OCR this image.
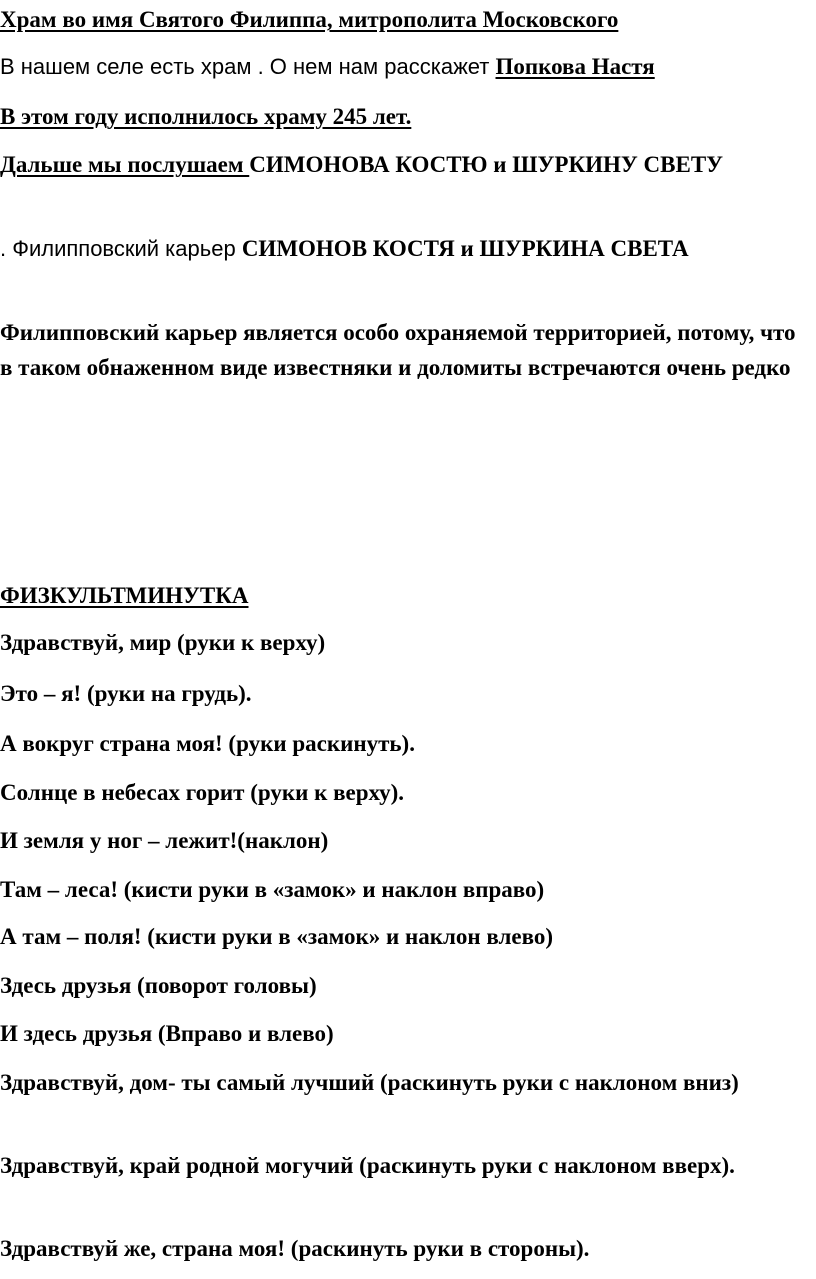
Храм во имя Святого Филиппа, митрополита Московского

В нашем селе есть храм . О нем нам расскажет Попкова Настя

В этом году исполнилось храму 245 лет.

Дальше мы послушаем СИМОНОВА КОСТЮ и ШУРКИНУ СВЕТУ

. Филипповский карьер СИМОНОВ КОСТЯ и ШУРКИНА СВЕТА

Филипповский карьер является особо охраняемой территорией, потому, что в таком обнаженном виде известняки и доломиты встречаются очень редко

ФИЗКУЛЬТМИНУТКА

Здравствуй, мир (руки к верху)

Это – я! (руки на грудь).

А вокруг страна моя! (руки раскинуть).

Солнце в небесах горит (руки к верху).

И земля у ног – лежит!(наклон)

Там – леса! (кисти руки в «замок» и наклон вправо)

А там – поля! (кисти руки в «замок» и наклон влево)

Здесь друзья (поворот головы)

И здесь друзья (Вправо и влево)

Здравствуй, дом- ты самый лучший (раскинуть руки с наклоном вниз)

Здравствуй, край родной могучий (раскинуть руки с наклоном вверх).

Здравствуй же, страна моя! (раскинуть руки в стороны).
